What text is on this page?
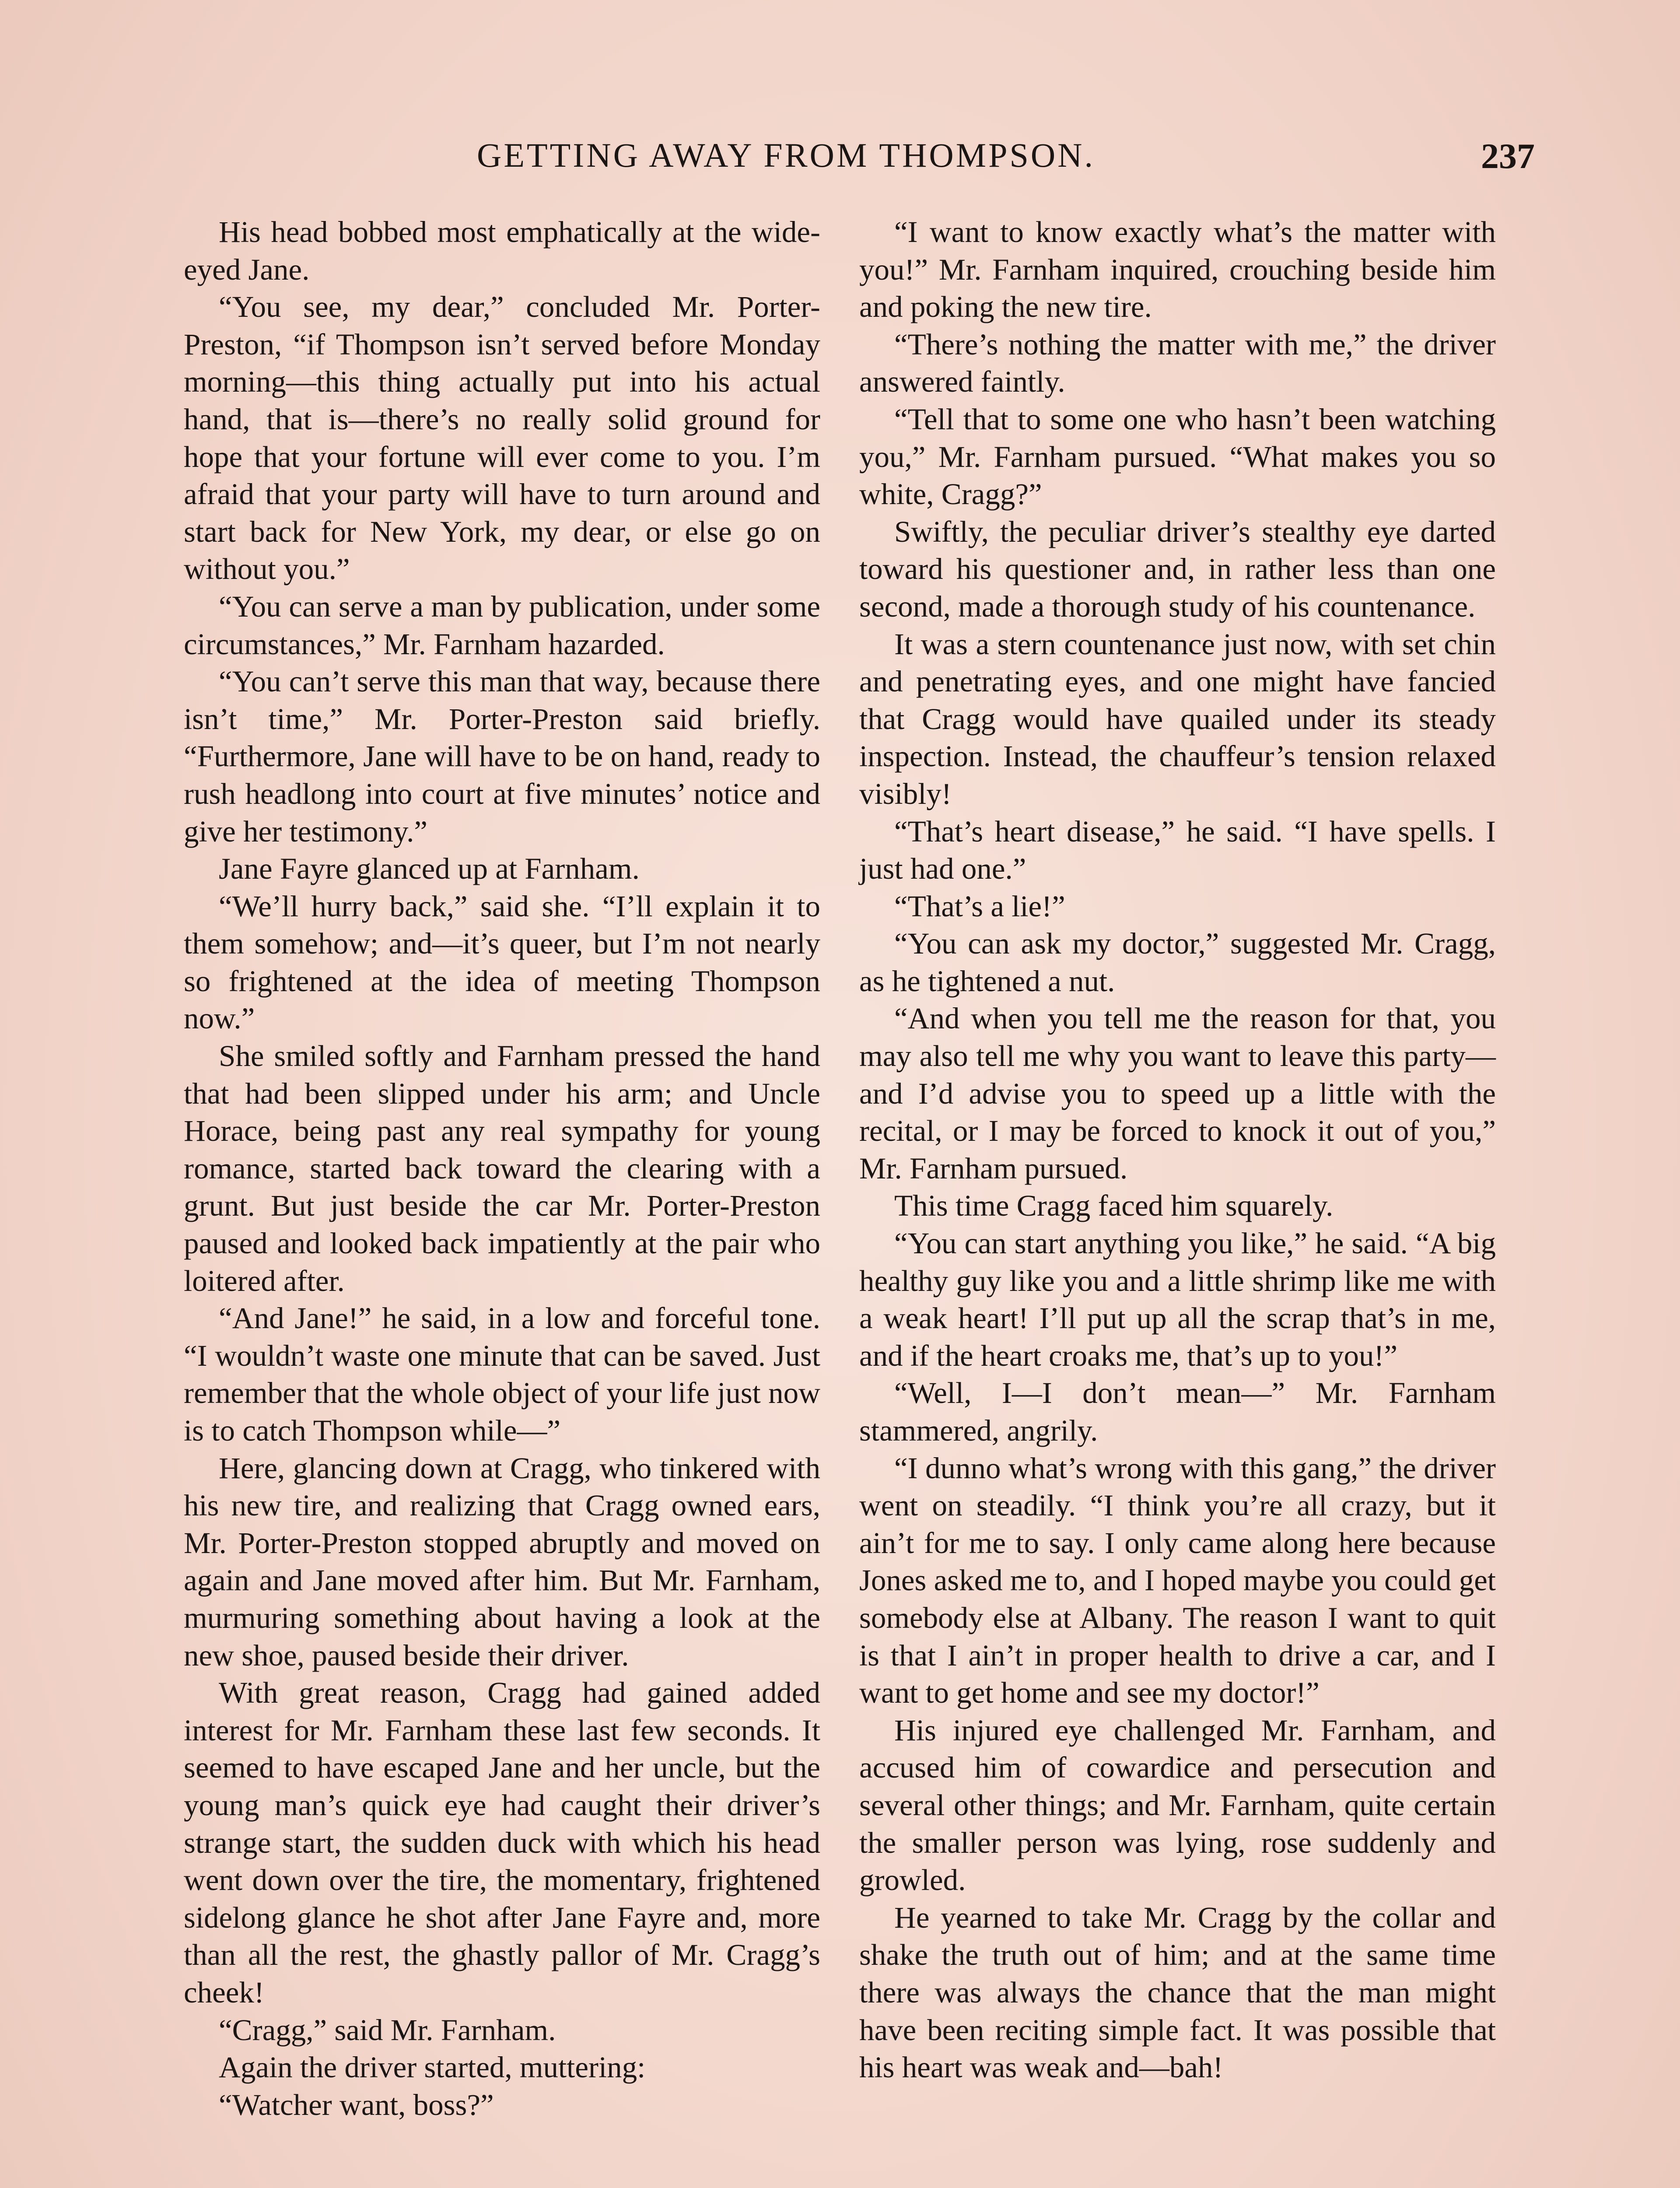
GETTING AWAY FROM THOMPSON.	237

His head bobbed most emphatically at the wide-eyed Jane.

“You see, my dear,” concluded Mr. Porter-Preston, “if Thompson isn’t served before Monday morning—this thing actually put into his actual hand, that is—there’s no really solid ground for hope that your fortune will ever come to you. I’m afraid that your party will have to turn around and start back for New York, my dear, or else go on without you.”

“You can serve a man by publication, under some circumstances,” Mr. Farnham hazarded.

“You can’t serve this man that way, because there isn’t time,” Mr. Porter-Preston said briefly. “Furthermore, Jane will have to be on hand, ready to rush headlong into court at five minutes’ notice and give her testimony.”

Jane Fayre glanced up at Farnham.

“We’ll hurry back,” said she. “I’ll explain it to them somehow; and—it’s queer, but I’m not nearly so frightened at the idea of meeting Thompson now.”

She smiled softly and Farnham pressed the hand that had been slipped under his arm; and Uncle Horace, being past any real sympathy for young romance, started back toward the clearing with a grunt. But just beside the car Mr. Porter-Preston paused and looked back impatiently at the pair who loitered after.

“And Jane!” he said, in a low and forceful tone. “I wouldn’t waste one minute that can be saved. Just remember that the whole object of your life just now is to catch Thompson while—”

Here, glancing down at Cragg, who tinkered with his new tire, and realizing that Cragg owned ears, Mr. Porter-Preston stopped abruptly and moved on again and Jane moved after him. But Mr. Farnham, murmuring something about having a look at the new shoe, paused beside their driver.

With great reason, Cragg had gained added interest for Mr. Farnham these last few seconds. It seemed to have escaped Jane and her uncle, but the young man’s quick eye had caught their driver’s strange start, the sudden duck with which his head went down over the tire, the momentary, frightened sidelong glance he shot after Jane Fayre and, more than all the rest, the ghastly pallor of Mr. Cragg’s cheek!

“Cragg,” said Mr. Farnham.

Again the driver started, muttering:

“Watcher want, boss?”

“I want to know exactly what’s the matter with you!” Mr. Farnham inquired, crouching beside him and poking the new tire.

“There’s nothing the matter with me,” the driver answered faintly.

“Tell that to some one who hasn’t been watching you,” Mr. Farnham pursued. “What makes you so white, Cragg?”

Swiftly, the peculiar driver’s stealthy eye darted toward his questioner and, in rather less than one second, made a thorough study of his countenance.

It was a stern countenance just now, with set chin and penetrating eyes, and one might have fancied that Cragg would have quailed under its steady inspection. Instead, the chauffeur’s tension relaxed visibly!

“That’s heart disease,” he said. “I have spells. I just had one.”

“That’s a lie!”

“You can ask my doctor,” suggested Mr. Cragg, as he tightened a nut.

“And when you tell me the reason for that, you may also tell me why you want to leave this party—and I’d advise you to speed up a little with the recital, or I may be forced to knock it out of you,” Mr. Farnham pursued.

This time Cragg faced him squarely.

“You can start anything you like,” he said. “A big healthy guy like you and a little shrimp like me with a weak heart! I’ll put up all the scrap that’s in me, and if the heart croaks me, that’s up to you!”

“Well, I—I don’t mean—” Mr. Farnham stammered, angrily.

“I dunno what’s wrong with this gang,” the driver went on steadily. “I think you’re all crazy, but it ain’t for me to say. I only came along here because Jones asked me to, and I hoped maybe you could get somebody else at Albany. The reason I want to quit is that I ain’t in proper health to drive a car, and I want to get home and see my doctor!”

His injured eye challenged Mr. Farnham, and accused him of cowardice and persecution and several other things; and Mr. Farnham, quite certain the smaller person was lying, rose suddenly and growled.

He yearned to take Mr. Cragg by the collar and shake the truth out of him; and at the same time there was always the chance that the man might have been reciting simple fact. It was possible that his heart was weak and—bah!
